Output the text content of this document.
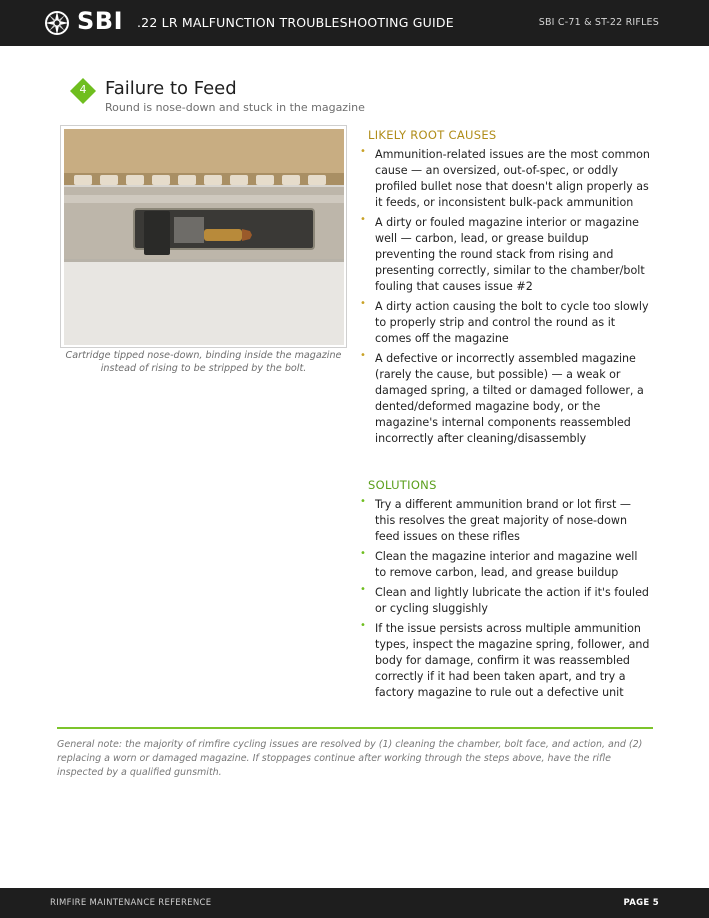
SBI .22 LR MALFUNCTION TROUBLESHOOTING GUIDE	SBI C-71 & ST-22 RIFLES
4	Failure to Feed
Round is nose-down and stuck in the magazine
Cartridge tipped nose-down, binding inside the magazine instead of rising to be stripped by the bolt.
LIKELY ROOT CAUSES
• Ammunition-related issues are the most common cause — an oversized, out-of-spec, or oddly profiled bullet nose that doesn't align properly as it feeds, or inconsistent bulk-pack ammunition
• A dirty or fouled magazine interior or magazine well — carbon, lead, or grease buildup preventing the round stack from rising and presenting correctly, similar to the chamber/bolt fouling that causes issue #2
• A dirty action causing the bolt to cycle too slowly to properly strip and control the round as it comes off the magazine
• A defective or incorrectly assembled magazine (rarely the cause, but possible) — a weak or damaged spring, a tilted or damaged follower, a dented/deformed magazine body, or the magazine's internal components reassembled incorrectly after cleaning/disassembly
SOLUTIONS
• Try a different ammunition brand or lot first — this resolves the great majority of nose-down feed issues on these rifles
• Clean the magazine interior and magazine well to remove carbon, lead, and grease buildup
• Clean and lightly lubricate the action if it's fouled or cycling sluggishly
• If the issue persists across multiple ammunition types, inspect the magazine spring, follower, and body for damage, confirm it was reassembled correctly if it had been taken apart, and try a factory magazine to rule out a defective unit
General note: the majority of rimfire cycling issues are resolved by (1) cleaning the chamber, bolt face, and action, and (2) replacing a worn or damaged magazine. If stoppages continue after working through the steps above, have the rifle inspected by a qualified gunsmith.
RIMFIRE MAINTENANCE REFERENCE	PAGE 5
